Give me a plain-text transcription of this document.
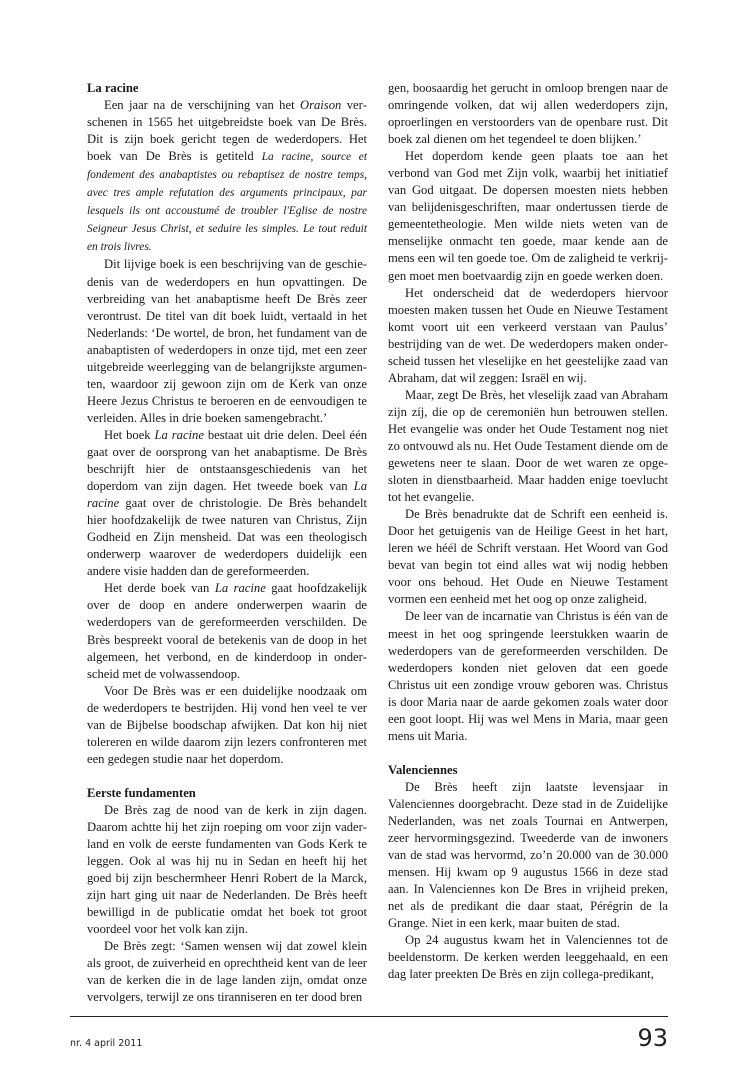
La racine

Een jaar na de verschijning van het Oraison verschenen in 1565 het uitgebreidste boek van De Brès. Dit is zijn boek gericht tegen de wederdopers. Het boek van De Brès is getiteld La racine, source et fondement des anabaptistes ou rebaptisez de nostre temps, avec tres ample refutation des arguments principaux, par lesquels ils ont accoustumé de troubler l'Eglise de nostre Seigneur Jesus Christ, et seduire les simples. Le tout reduit en trois livres.

Dit lijvige boek is een beschrijving van de geschiedenis van de wederdopers en hun opvattingen. De verbreiding van het anabaptisme heeft De Brès zeer verontrust. De titel van dit boek luidt, vertaald in het Nederlands: ‘De wortel, de bron, het fundament van de anabaptisten of wederdopers in onze tijd, met een zeer uitgebreide weerlegging van de belangrijkste argumenten, waardoor zij gewoon zijn om de Kerk van onze Heere Jezus Christus te beroeren en de eenvoudigen te verleiden. Alles in drie boeken samengebracht.’

Het boek La racine bestaat uit drie delen. Deel één gaat over de oorsprong van het anabaptisme. De Brès beschrijft hier de ontstaansgeschiedenis van het doperdom van zijn dagen. Het tweede boek van La racine gaat over de christologie. De Brès behandelt hier hoofdzakelijk de twee naturen van Christus, Zijn Godheid en Zijn mensheid. Dat was een theologisch onderwerp waarover de wederdopers duidelijk een andere visie hadden dan de gereformeerden.

Het derde boek van La racine gaat hoofdzakelijk over de doop en andere onderwerpen waarin de wederdopers van de gereformeerden verschilden. De Brès bespreekt vooral de betekenis van de doop in het algemeen, het verbond, en de kinderdoop in onderscheid met de volwassendoop.

Voor De Brès was er een duidelijke noodzaak om de wederdopers te bestrijden. Hij vond hen veel te ver van de Bijbelse boodschap afwijken. Dat kon hij niet tolereren en wilde daarom zijn lezers confronteren met een gedegen studie naar het doperdom.

Eerste fundamenten

De Brès zag de nood van de kerk in zijn dagen. Daarom achtte hij het zijn roeping om voor zijn vaderland en volk de eerste fundamenten van Gods Kerk te leggen. Ook al was hij nu in Sedan en heeft hij het goed bij zijn beschermheer Henri Robert de la Marck, zijn hart ging uit naar de Nederlanden. De Brès heeft bewilligd in de publicatie omdat het boek tot groot voordeel voor het volk kan zijn.

De Brès zegt: ‘Samen wensen wij dat zowel klein als groot, de zuiverheid en oprechtheid kent van de leer van de kerken die in de lage landen zijn, omdat onze vervolgers, terwijl ze ons tiranniseren en ter dood bren

gen, boosaardig het gerucht in omloop brengen naar de omringende volken, dat wij allen wederdopers zijn, oproerlingen en verstoorders van de openbare rust. Dit boek zal dienen om het tegendeel te doen blijken.’

Het doperdom kende geen plaats toe aan het verbond van God met Zijn volk, waarbij het initiatief van God uitgaat. De dopersen moesten niets hebben van belijdenisgeschriften, maar ondertussen tierde de gemeentetheologie. Men wilde niets weten van de menselijke onmacht ten goede, maar kende aan de mens een wil ten goede toe. Om de zaligheid te verkrijgen moet men boetvaardig zijn en goede werken doen.

Het onderscheid dat de wederdopers hiervoor moesten maken tussen het Oude en Nieuwe Testament komt voort uit een verkeerd verstaan van Paulus’ bestrijding van de wet. De wederdopers maken onderscheid tussen het vleselijke en het geestelijke zaad van Abraham, dat wil zeggen: Israël en wij.

Maar, zegt De Brès, het vleselijk zaad van Abraham zijn zíj, die op de ceremoniën hun betrouwen stellen. Het evangelie was onder het Oude Testament nog niet zo ontvouwd als nu. Het Oude Testament diende om de gewetens neer te slaan. Door de wet waren ze opgesloten in dienstbaarheid. Maar hadden enige toevlucht tot het evangelie.

De Brès benadrukte dat de Schrift een eenheid is. Door het getuigenis van de Heilige Geest in het hart, leren we héél de Schrift verstaan. Het Woord van God bevat van begin tot eind alles wat wij nodig hebben voor ons behoud. Het Oude en Nieuwe Testament vormen een eenheid met het oog op onze zaligheid.

De leer van de incarnatie van Christus is één van de meest in het oog springende leerstukken waarin de wederdopers van de gereformeerden verschilden. De wederdopers konden niet geloven dat een goede Christus uit een zondige vrouw geboren was. Christus is door Maria naar de aarde gekomen zoals water door een goot loopt. Hij was wel Mens in Maria, maar geen mens uit Maria.

Valenciennes

De Brès heeft zijn laatste levensjaar in Valenciennes doorgebracht. Deze stad in de Zuidelijke Nederlanden, was net zoals Tournai en Antwerpen, zeer hervormingsgezind. Tweederde van de inwoners van de stad was hervormd, zo’n 20.000 van de 30.000 mensen. Hij kwam op 9 augustus 1566 in deze stad aan. In Valenciennes kon De Bres in vrijheid preken, net als de predikant die daar staat, Pérégrin de la Grange. Niet in een kerk, maar buiten de stad.

Op 24 augustus kwam het in Valenciennes tot de beeldenstorm. De kerken werden leeggehaald, en een dag later preekten De Brès en zijn collega-predikant,

nr. 4 april 2011	93
